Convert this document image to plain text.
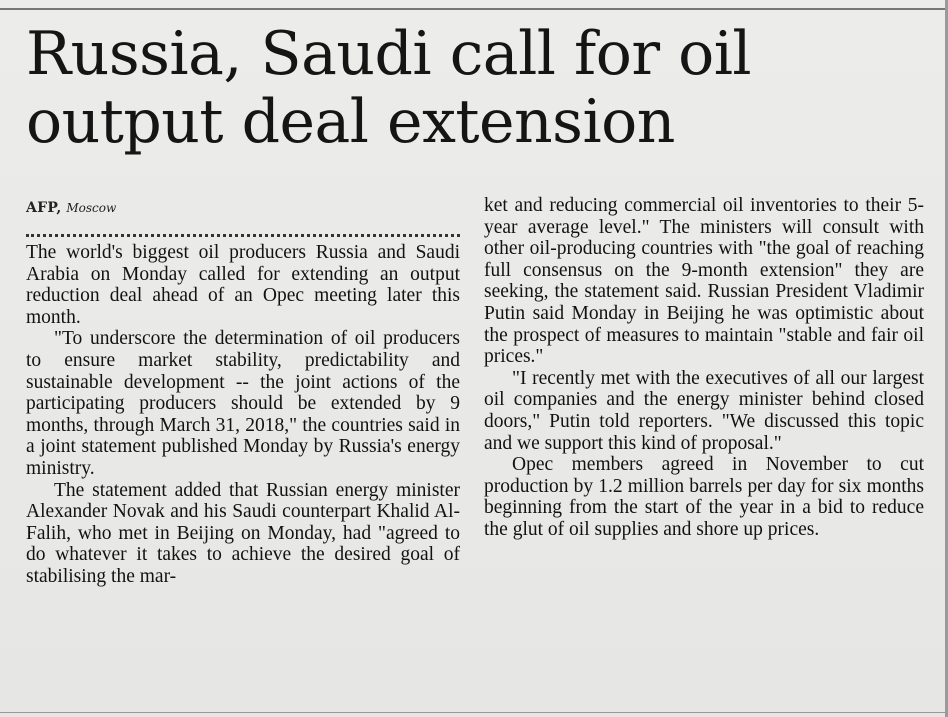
Russia, Saudi call for oil output deal extension
AFP, Moscow

The world's biggest oil producers Russia and Saudi Arabia on Monday called for extending an output reduction deal ahead of an Opec meeting later this month.

"To underscore the determination of oil producers to ensure market stability, predictability and sustainable development -- the joint actions of the participating producers should be extended by 9 months, through March 31, 2018," the countries said in a joint statement published Monday by Russia's energy ministry.

The statement added that Russian energy minister Alexander Novak and his Saudi counterpart Khalid Al-Falih, who met in Beijing on Monday, had "agreed to do whatever it takes to achieve the desired goal of stabilising the mar-

ket and reducing commercial oil inventories to their 5-year average level." The ministers will consult with other oil-producing countries with "the goal of reaching full consensus on the 9-month extension" they are seeking, the statement said. Russian President Vladimir Putin said Monday in Beijing he was optimistic about the prospect of measures to maintain "stable and fair oil prices."

"I recently met with the executives of all our largest oil companies and the energy minister behind closed doors," Putin told reporters. "We discussed this topic and we support this kind of proposal."

Opec members agreed in November to cut production by 1.2 million barrels per day for six months beginning from the start of the year in a bid to reduce the glut of oil supplies and shore up prices.
